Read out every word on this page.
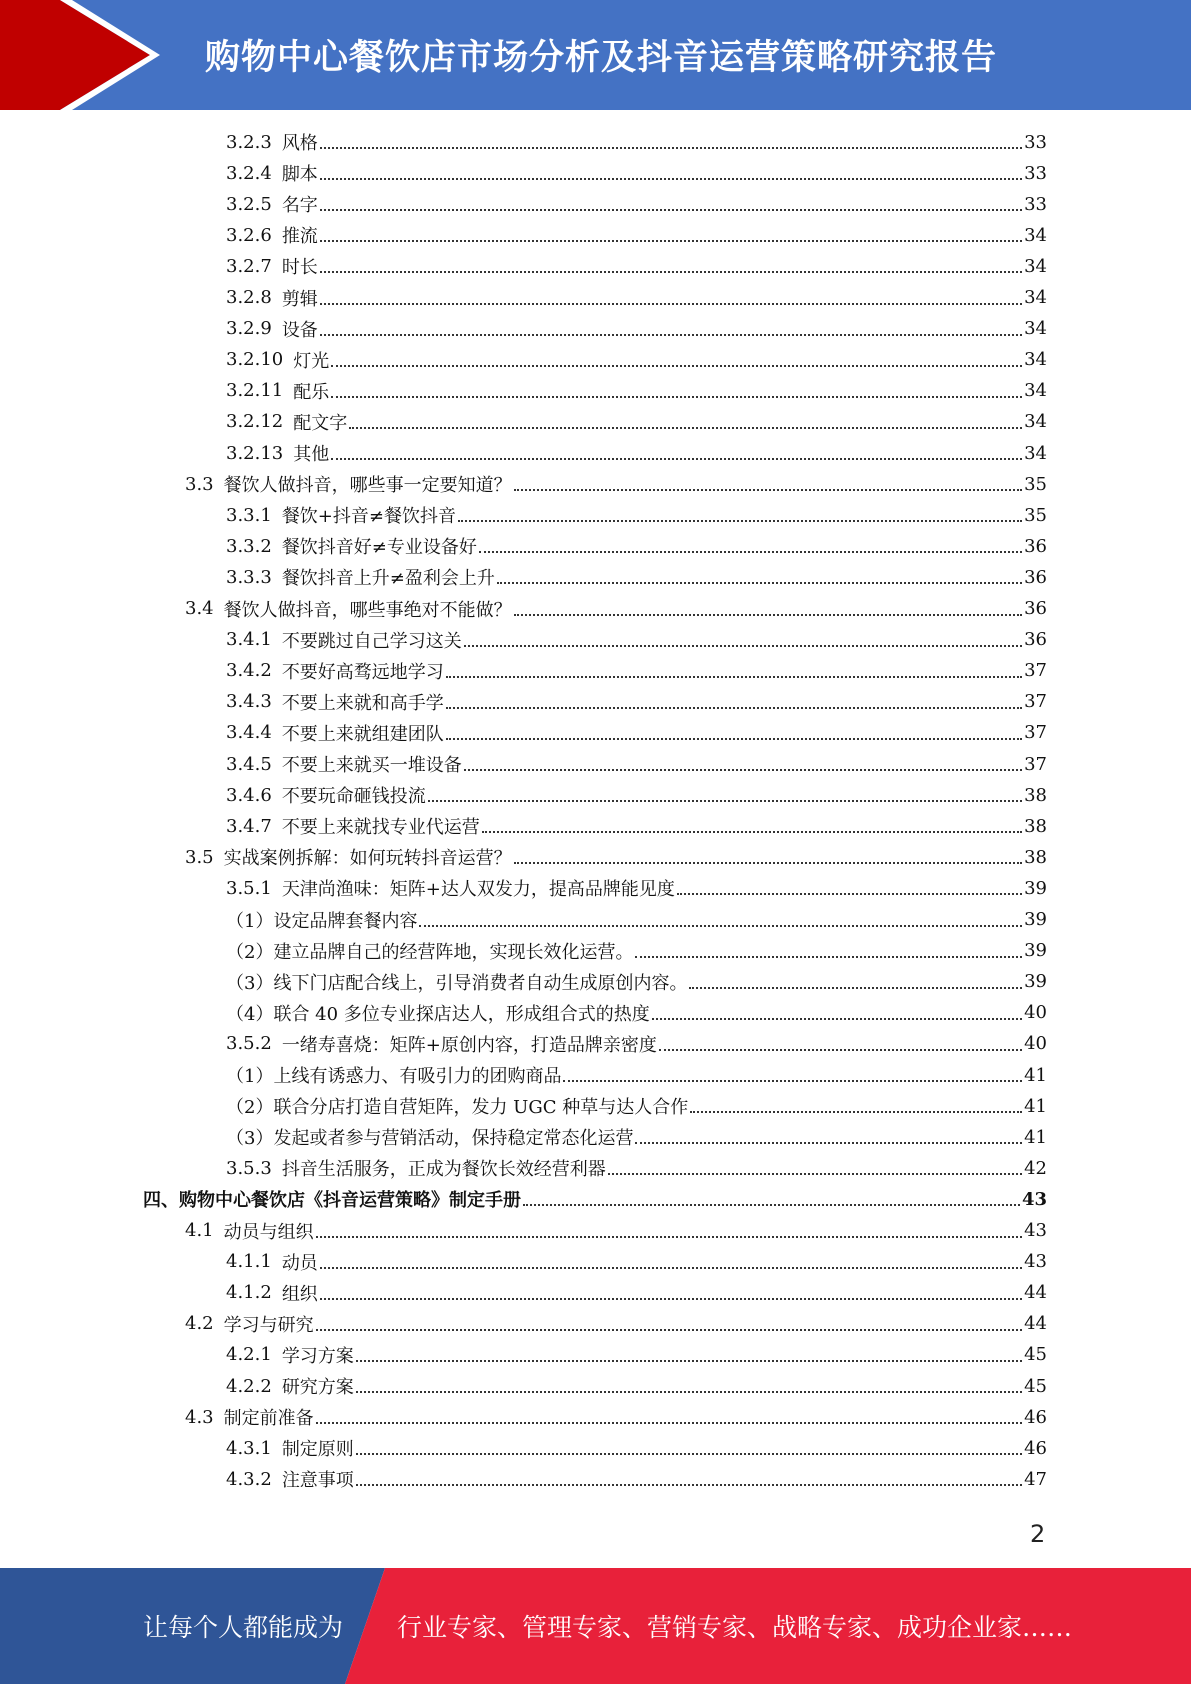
购物中心餐饮店市场分析及抖音运营策略研究报告
3.2.3 风格	33
3.2.4 脚本	33
3.2.5 名字	33
3.2.6 推流	34
3.2.7 时长	34
3.2.8 剪辑	34
3.2.9 设备	34
3.2.10 灯光	34
3.2.11 配乐	34
3.2.12 配文字	34
3.2.13 其他	34
3.3 餐饮人做抖音，哪些事一定要知道？	35
3.3.1 餐饮+抖音≠餐饮抖音	35
3.3.2 餐饮抖音好≠专业设备好	36
3.3.3 餐饮抖音上升≠盈利会上升	36
3.4 餐饮人做抖音，哪些事绝对不能做？	36
3.4.1 不要跳过自己学习这关	36
3.4.2 不要好高骛远地学习	37
3.4.3 不要上来就和高手学	37
3.4.4 不要上来就组建团队	37
3.4.5 不要上来就买一堆设备	37
3.4.6 不要玩命砸钱投流	38
3.4.7 不要上来就找专业代运营	38
3.5 实战案例拆解：如何玩转抖音运营？	38
3.5.1 天津尚渔味：矩阵+达人双发力，提高品牌能见度	39
（1）设定品牌套餐内容	39
（2）建立品牌自己的经营阵地，实现长效化运营。	39
（3）线下门店配合线上，引导消费者自动生成原创内容。	39
（4）联合 40 多位专业探店达人，形成组合式的热度	40
3.5.2 一绪寿喜烧：矩阵+原创内容，打造品牌亲密度	40
（1）上线有诱惑力、有吸引力的团购商品	41
（2）联合分店打造自营矩阵，发力 UGC 种草与达人合作	41
（3）发起或者参与营销活动，保持稳定常态化运营	41
3.5.3 抖音生活服务，正成为餐饮长效经营利器	42
四、购物中心餐饮店《抖音运营策略》制定手册	43
4.1 动员与组织	43
4.1.1 动员	43
4.1.2 组织	44
4.2 学习与研究	44
4.2.1 学习方案	45
4.2.2 研究方案	45
4.3 制定前准备	46
4.3.1 制定原则	46
4.3.2 注意事项	47
2
让每个人都能成为 行业专家、管理专家、营销专家、战略专家、成功企业家……
